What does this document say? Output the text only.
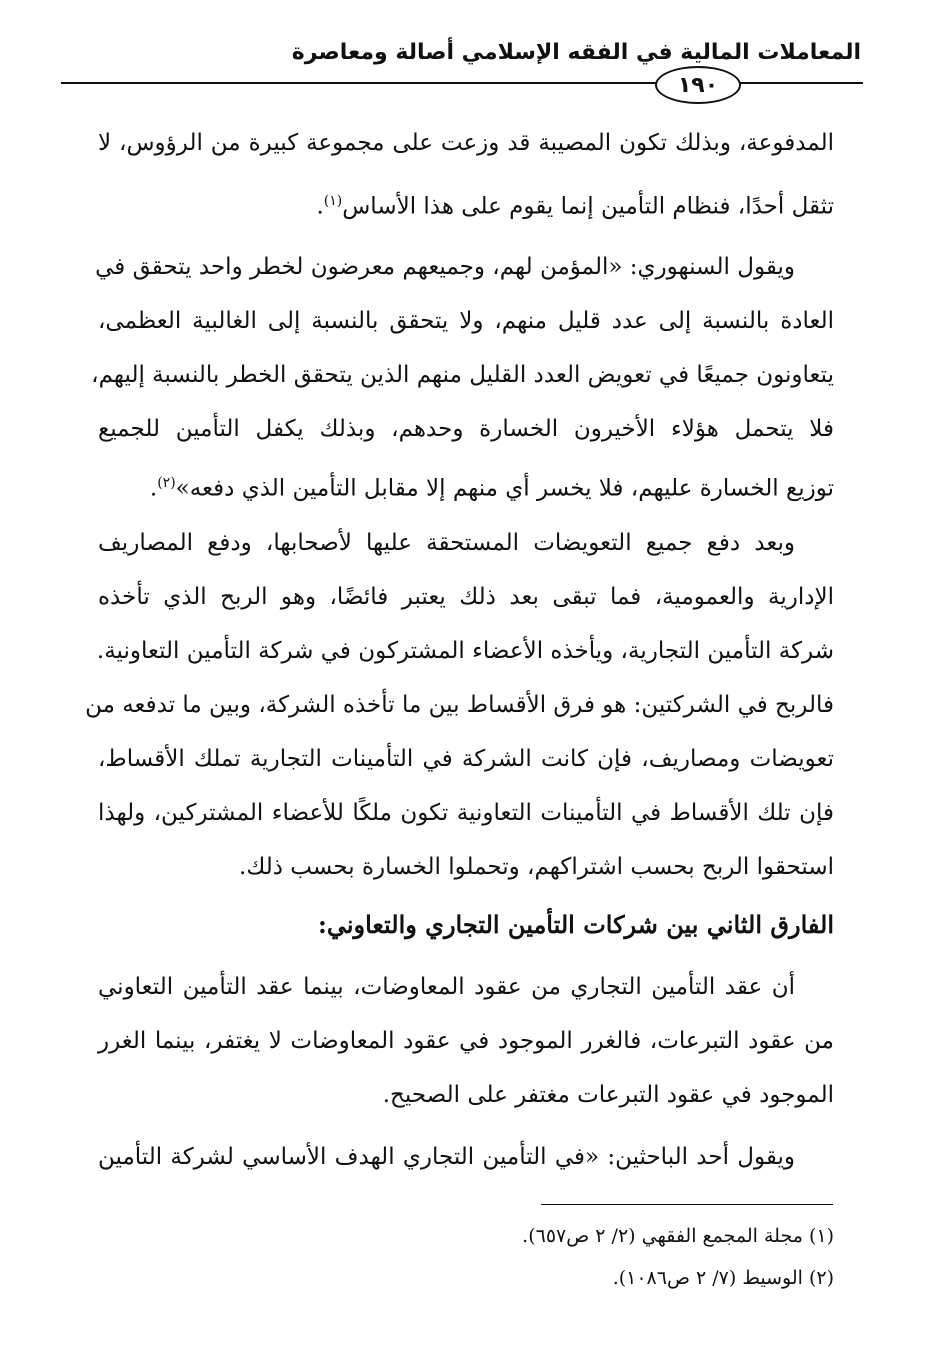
المعاملات المالية في الفقه الإسلامي أصالة ومعاصرة
١٩٠
المدفوعة، وبذلك تكون المصيبة قد وزعت على مجموعة كبيرة من الرؤوس، لا
تثقل أحدًا، فنظام التأمين إنما يقوم على هذا الأساس$^{(١)}$.
ويقول السنهوري: «المؤمن لهم، وجميعهم معرضون لخطر واحد يتحقق في
العادة بالنسبة إلى عدد قليل منهم، ولا يتحقق بالنسبة إلى الغالبية العظمى،
يتعاونون جميعًا في تعويض العدد القليل منهم الذين يتحقق الخطر بالنسبة إليهم،
فلا يتحمل هؤلاء الأخيرون الخسارة وحدهم، وبذلك يكفل التأمين للجميع
توزيع الخسارة عليهم، فلا يخسر أي منهم إلا مقابل التأمين الذي دفعه»$^{(٢)}$.
وبعد دفع جميع التعويضات المستحقة عليها لأصحابها، ودفع المصاريف
الإدارية والعمومية، فما تبقى بعد ذلك يعتبر فائضًا، وهو الربح الذي تأخذه
شركة التأمين التجارية، ويأخذه الأعضاء المشتركون في شركة التأمين التعاونية.
فالربح في الشركتين: هو فرق الأقساط بين ما تأخذه الشركة، وبين ما تدفعه من
تعويضات ومصاريف، فإن كانت الشركة في التأمينات التجارية تملك الأقساط،
فإن تلك الأقساط في التأمينات التعاونية تكون ملكًا للأعضاء المشتركين، ولهذا
استحقوا الربح بحسب اشتراكهم، وتحملوا الخسارة بحسب ذلك.
الفارق الثاني بين شركات التأمين التجاري والتعاوني:
أن عقد التأمين التجاري من عقود المعاوضات، بينما عقد التأمين التعاوني
من عقود التبرعات، فالغرر الموجود في عقود المعاوضات لا يغتفر، بينما الغرر
الموجود في عقود التبرعات مغتفر على الصحيح.
ويقول أحد الباحثين: «في التأمين التجاري الهدف الأساسي لشركة التأمين
(١) مجلة المجمع الفقهي (٢/ ٢ ص٦٥٧).
(٢) الوسيط (٧/ ٢ ص١٠٨٦).
